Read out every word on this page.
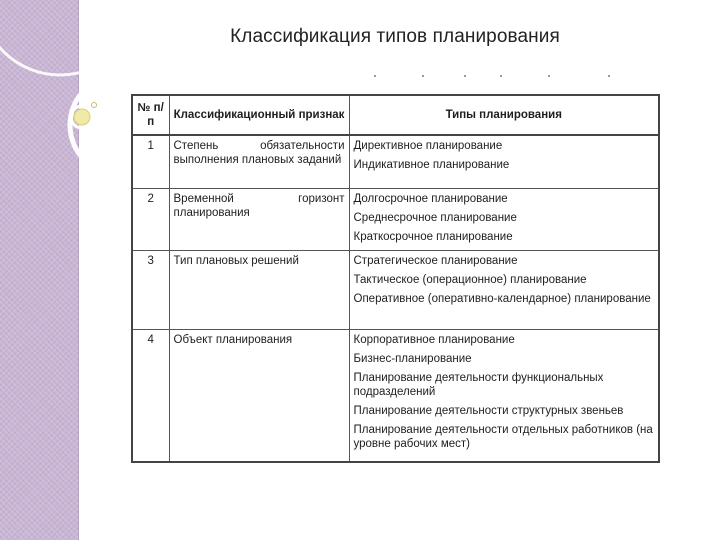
Классификация типов планирования
№ п/п	Классификационный признак	Типы планирования
1	Степень обязательности выполнения плановых заданий	Директивное планирование
Индикативное планирование

2	Временной горизонт планирования	Долгосрочное планирование
Среднесрочное планирование
Краткосрочное планирование

3	Тип плановых решений	Стратегическое планирование
Тактическое (операционное) планирование
Оперативное (оперативно-календарное) планирование

4	Объект планирования	Корпоративное планирование
Бизнес-планирование
Планирование деятельности функциональных подразделений
Планирование деятельности структурных звеньев
Планирование деятельности отдельных работников (на уровне рабочих мест)
